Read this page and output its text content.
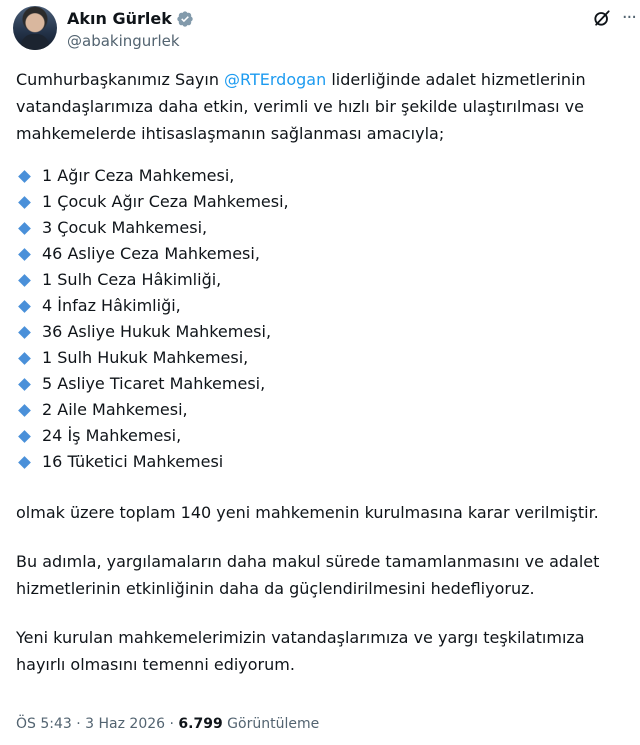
Akın Gürlek
@abakingurlek
···

Cumhurbaşkanımız Sayın @RTErdogan liderliğinde adalet hizmetlerinin vatandaşlarımıza daha etkin, verimli ve hızlı bir şekilde ulaştırılması ve mahkemelerde ihtisaslaşmanın sağlanması amacıyla;

1 Ağır Ceza Mahkemesi,
1 Çocuk Ağır Ceza Mahkemesi,
3 Çocuk Mahkemesi,
46 Asliye Ceza Mahkemesi,
1 Sulh Ceza Hâkimliği,
4 İnfaz Hâkimliği,
36 Asliye Hukuk Mahkemesi,
1 Sulh Hukuk Mahkemesi,
5 Asliye Ticaret Mahkemesi,
2 Aile Mahkemesi,
24 İş Mahkemesi,
16 Tüketici Mahkemesi

olmak üzere toplam 140 yeni mahkemenin kurulmasına karar verilmiştir.

Bu adımla, yargılamaların daha makul sürede tamamlanmasını ve adalet hizmetlerinin etkinliğinin daha da güçlendirilmesini hedefliyoruz.

Yeni kurulan mahkemelerimizin vatandaşlarımıza ve yargı teşkilatımıza hayırlı olmasını temenni ediyorum.

ÖS 5:43 · 3 Haz 2026 · 6.799 Görüntüleme
